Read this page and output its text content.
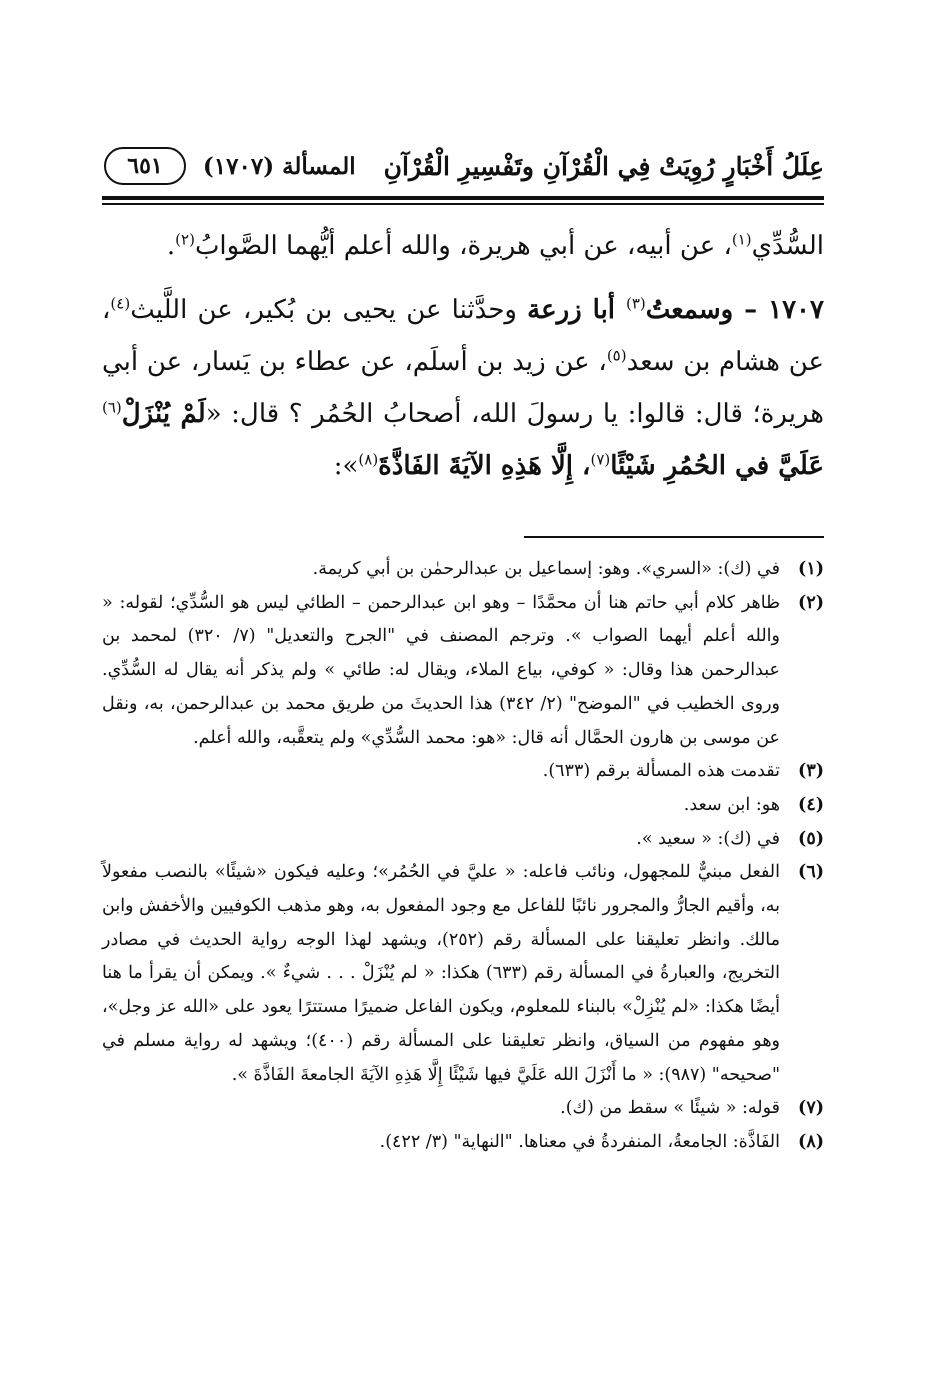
عِلَلُ أَخْبَارٍ رُوِيَتْ فِي الْقُرْآنِ وتَفْسِيرِ الْقُرْآنِ
المسألة (١٧٠٧)
٦٥١

السُّدِّي$^{(١)}$، عن أبيه، عن أبي هريرة، والله أعلم أيُّهما الصَّوابُ$^{(٢)}$.

١٧٠٧ – وسمعتُ$^{(٣)}$ أبا زرعة وحدَّثنا عن يحيى بن بُكير، عن اللَّيث$^{(٤)}$، عن هشام بن سعد$^{(٥)}$، عن زيد بن أسلَم، عن عطاء بن يَسار، عن أبي هريرة؛ قال: قالوا: يا رسولَ الله، أصحابُ الحُمُر ؟ قال: «لَمْ يُنْزَلْ$^{(٦)}$ عَلَيَّ في الحُمُرِ شَيْئًا$^{(٧)}$، إِلَّا هَذِهِ الآيَةَ الفَاذَّةَ$^{(٨)}$»:

(١)
في (ك): «السري». وهو: إسماعيل بن عبدالرحمٰن بن أبي كريمة.
(٢)
ظاهر كلام أبي حاتم هنا أن محمَّدًا – وهو ابن عبدالرحمن – الطائي ليس هو السُّدِّي؛ لقوله: « والله أعلم أيهما الصواب ». وترجم المصنف في "الجرح والتعديل" (٧/ ٣٢٠) لمحمد بن عبدالرحمن هذا وقال: « كوفي، بياع الملاء، ويقال له: طائي » ولم يذكر أنه يقال له السُّدِّي. وروى الخطيب في "الموضح" (٢/ ٣٤٢) هذا الحديثَ من طريق محمد بن عبدالرحمن، به، ونقل عن موسى بن هارون الحمَّال أنه قال: «هو: محمد السُّدِّي» ولم يتعقَّبه، والله أعلم.
(٣)
تقدمت هذه المسألة برقم (٦٣٣).
(٤)
هو: ابن سعد.
(٥)
في (ك): « سعيد ».
(٦)
الفعل مبنيٌّ للمجهول، ونائب فاعله: « عليَّ في الحُمُر»؛ وعليه فيكون «شيئًا» بالنصب مفعولاً به، وأقيم الجارُّ والمجرور نائبًا للفاعل مع وجود المفعول به، وهو مذهب الكوفيين والأخفش وابن مالك. وانظر تعليقنا على المسألة رقم (٢٥٢)، ويشهد لهذا الوجه رواية الحديث في مصادر التخريج، والعبارةُ في المسألة رقم (٦٣٣) هكذا: « لم يُنْزَلْ . . . شيءٌ ». ويمكن أن يقرأ ما هنا أيضًا هكذا: «لم يُنْزِلْ» بالبناء للمعلوم، ويكون الفاعل ضميرًا مستترًا يعود على «الله عز وجل»، وهو مفهوم من السياق، وانظر تعليقنا على المسألة رقم (٤٠٠)؛ ويشهد له رواية مسلم في "صحيحه" (٩٨٧): « ما أَنْزَلَ الله عَلَيَّ فيها شَيْئًا إِلَّا هَذِهِ الآيَةَ الجامعةَ الفَاذَّةَ ».
(٧)
قوله: « شيئًا » سقط من (ك).
(٨)
الفَاذَّة: الجامعةُ، المنفردةُ في معناها. "النهاية" (٣/ ٤٢٢).
